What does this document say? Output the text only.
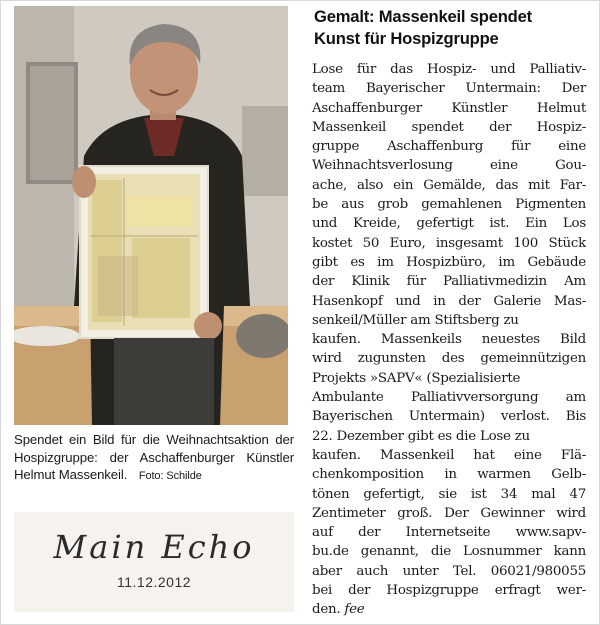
Spendet ein Bild für die Weihnachtsaktion der Hospizgruppe: der Aschaffenburger Künstler Helmut Massenkeil. Foto: Schilde
Main Echo
11.12.2012
Gemalt: Massenkeil spendet
Kunst für Hospizgruppe
Lose für das Hospiz- und Palliativ-
team Bayerischer Untermain: Der
Aschaffenburger Künstler Helmut
Massenkeil spendet der Hospiz-
gruppe Aschaffenburg für eine
Weihnachtsverlosung eine Gou-
ache, also ein Gemälde, das mit Far-
be aus grob gemahlenen Pigmenten
und Kreide, gefertigt ist. Ein Los
kostet 50 Euro, insgesamt 100 Stück
gibt es im Hospizbüro, im Gebäude
der Klinik für Palliativmedizin Am
Hasenkopf und in der Galerie Mas-
senkeil/Müller am Stiftsberg zu
kaufen. Massenkeils neuestes Bild
wird zugunsten des gemeinnützigen
Projekts »SAPV« (Spezialisierte
Ambulante Palliativversorgung am
Bayerischen Untermain) verlost. Bis
22. Dezember gibt es die Lose zu
kaufen. Massenkeil hat eine Flä-
chenkomposition in warmen Gelb-
tönen gefertigt, sie ist 34 mal 47
Zentimeter groß. Der Gewinner wird
auf der Internetseite www.sapv-
bu.de genannt, die Losnummer kann
aber auch unter Tel. 06021/980055
bei der Hospizgruppe erfragt wer-
den. fee
